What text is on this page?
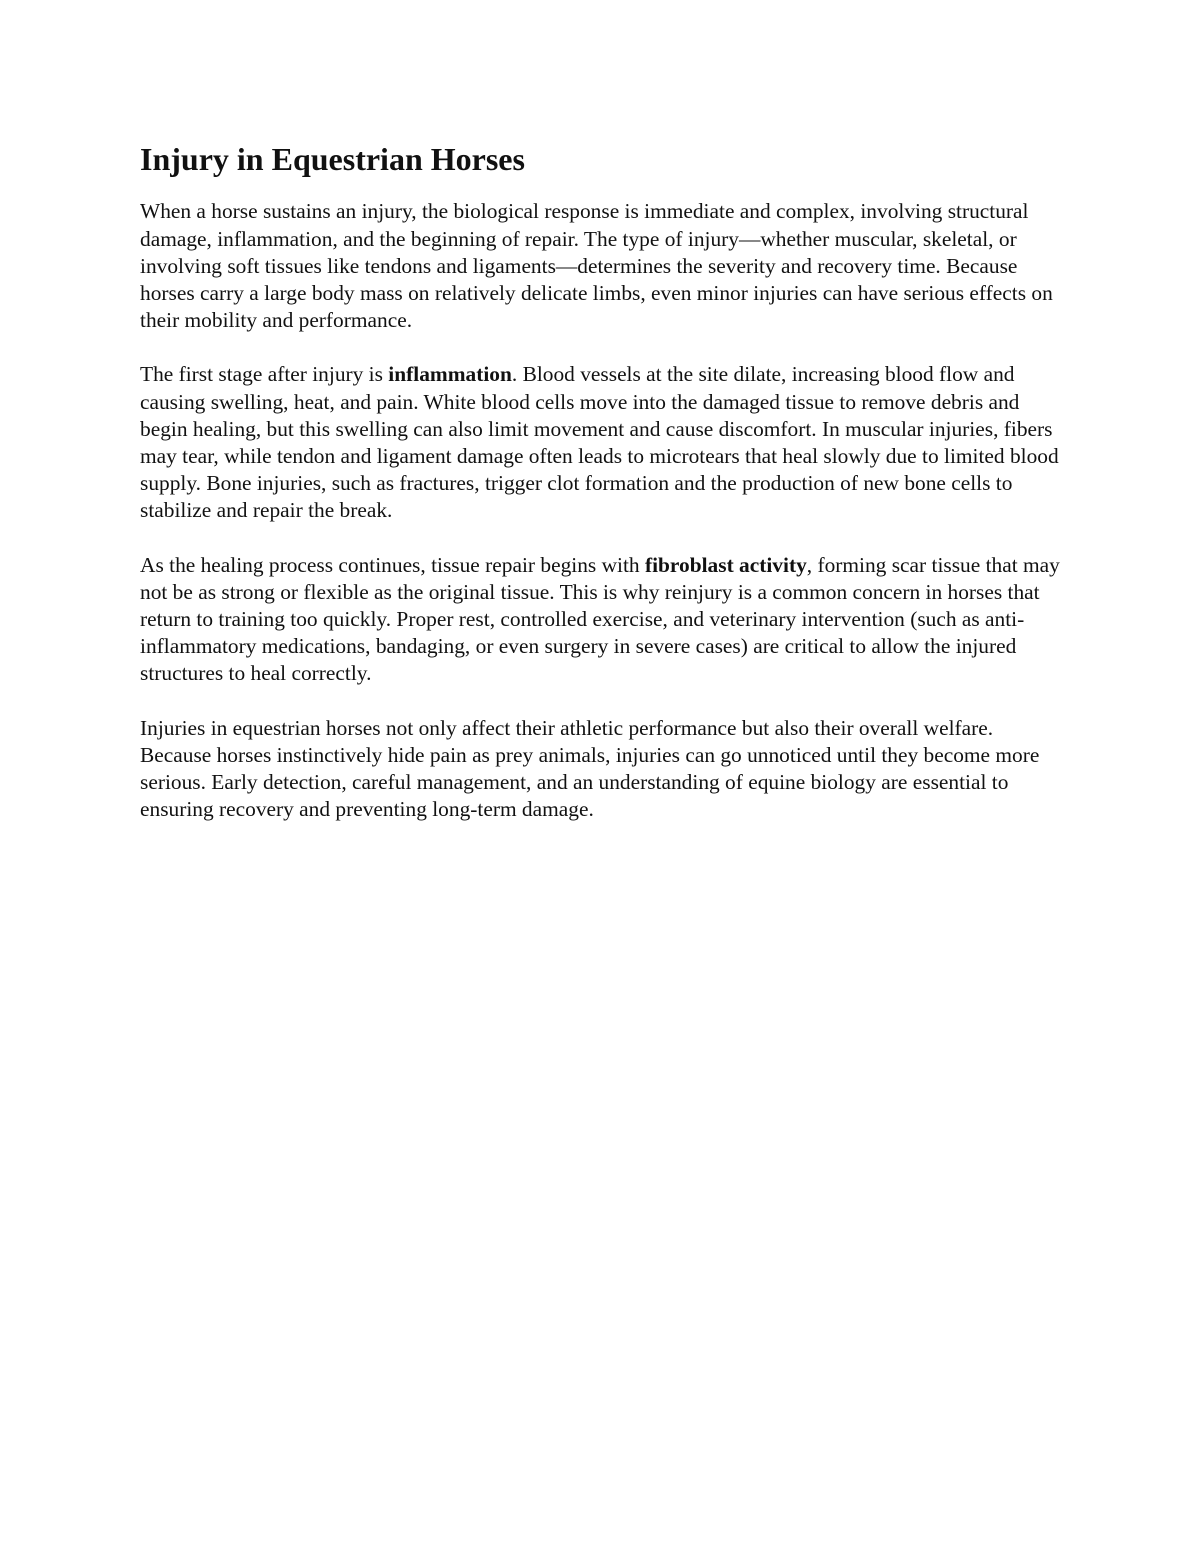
Injury in Equestrian Horses

When a horse sustains an injury, the biological response is immediate and complex, involving structural damage, inflammation, and the beginning of repair. The type of injury—whether muscular, skeletal, or involving soft tissues like tendons and ligaments—determines the severity and recovery time. Because horses carry a large body mass on relatively delicate limbs, even minor injuries can have serious effects on their mobility and performance.

The first stage after injury is inflammation. Blood vessels at the site dilate, increasing blood flow and causing swelling, heat, and pain. White blood cells move into the damaged tissue to remove debris and begin healing, but this swelling can also limit movement and cause discomfort. In muscular injuries, fibers may tear, while tendon and ligament damage often leads to microtears that heal slowly due to limited blood supply. Bone injuries, such as fractures, trigger clot formation and the production of new bone cells to stabilize and repair the break.

As the healing process continues, tissue repair begins with fibroblast activity, forming scar tissue that may not be as strong or flexible as the original tissue. This is why reinjury is a common concern in horses that return to training too quickly. Proper rest, controlled exercise, and veterinary intervention (such as anti-inflammatory medications, bandaging, or even surgery in severe cases) are critical to allow the injured structures to heal correctly.

Injuries in equestrian horses not only affect their athletic performance but also their overall welfare. Because horses instinctively hide pain as prey animals, injuries can go unnoticed until they become more serious. Early detection, careful management, and an understanding of equine biology are essential to ensuring recovery and preventing long-term damage.
